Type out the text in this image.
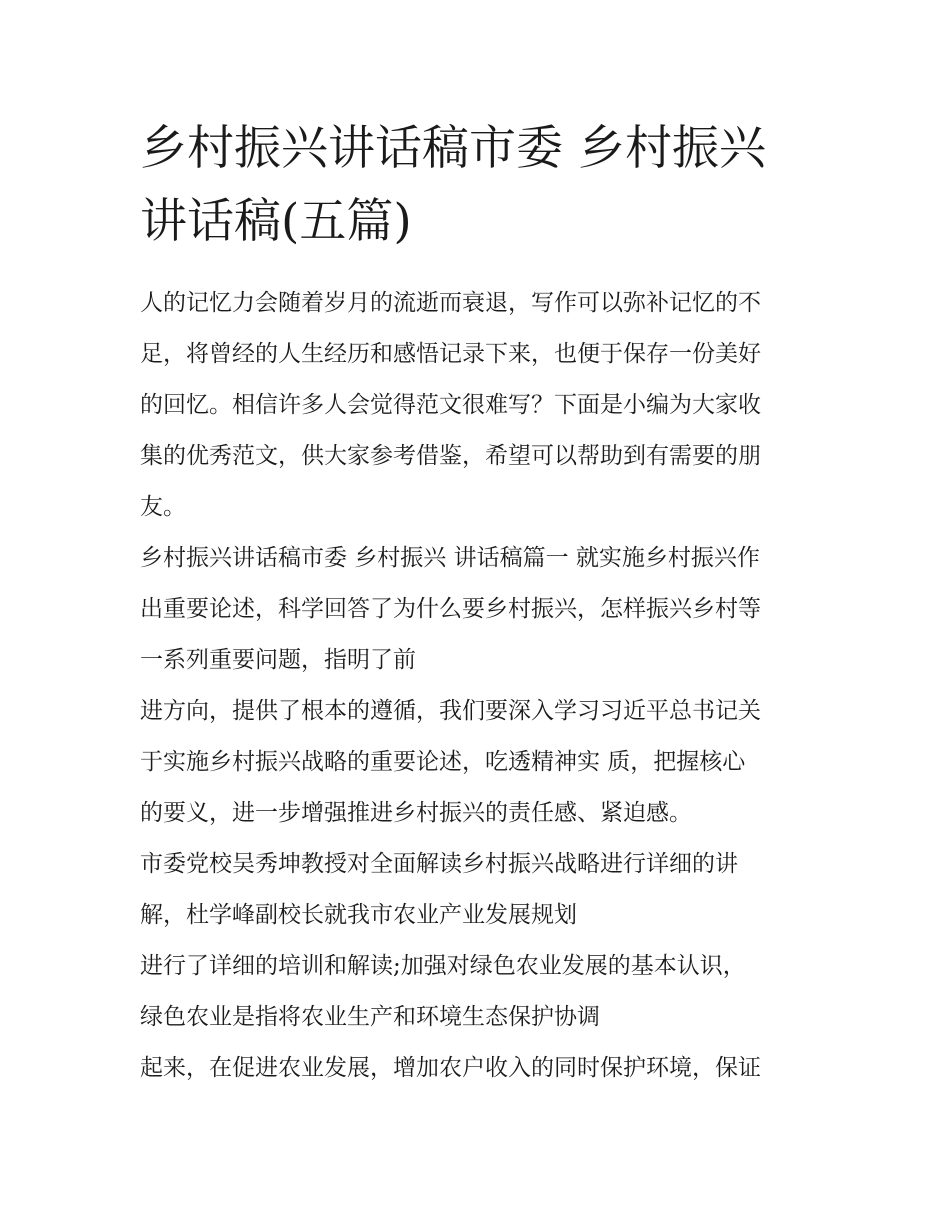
乡村振兴讲话稿市委 乡村振兴
讲话稿(五篇)
人的记忆力会随着岁月的流逝而衰退，写作可以弥补记忆的不
足，将曾经的人生经历和感悟记录下来，也便于保存一份美好
的回忆。相信许多人会觉得范文很难写？下面是小编为大家收
集的优秀范文，供大家参考借鉴，希望可以帮助到有需要的朋
友。
乡村振兴讲话稿市委 乡村振兴 讲话稿篇一 就实施乡村振兴作
出重要论述，科学回答了为什么要乡村振兴，怎样振兴乡村等
一系列重要问题，指明了前
进方向，提供了根本的遵循，我们要深入学习习近平总书记关
于实施乡村振兴战略的重要论述，吃透精神实 质，把握核心
的要义，进一步增强推进乡村振兴的责任感、紧迫感。
市委党校吴秀坤教授对全面解读乡村振兴战略进行详细的讲
解，杜学峰副校长就我市农业产业发展规划
进行了详细的培训和解读;加强对绿色农业发展的基本认识，
绿色农业是指将农业生产和环境生态保护协调
起来，在促进农业发展，增加农户收入的同时保护环境，保证
